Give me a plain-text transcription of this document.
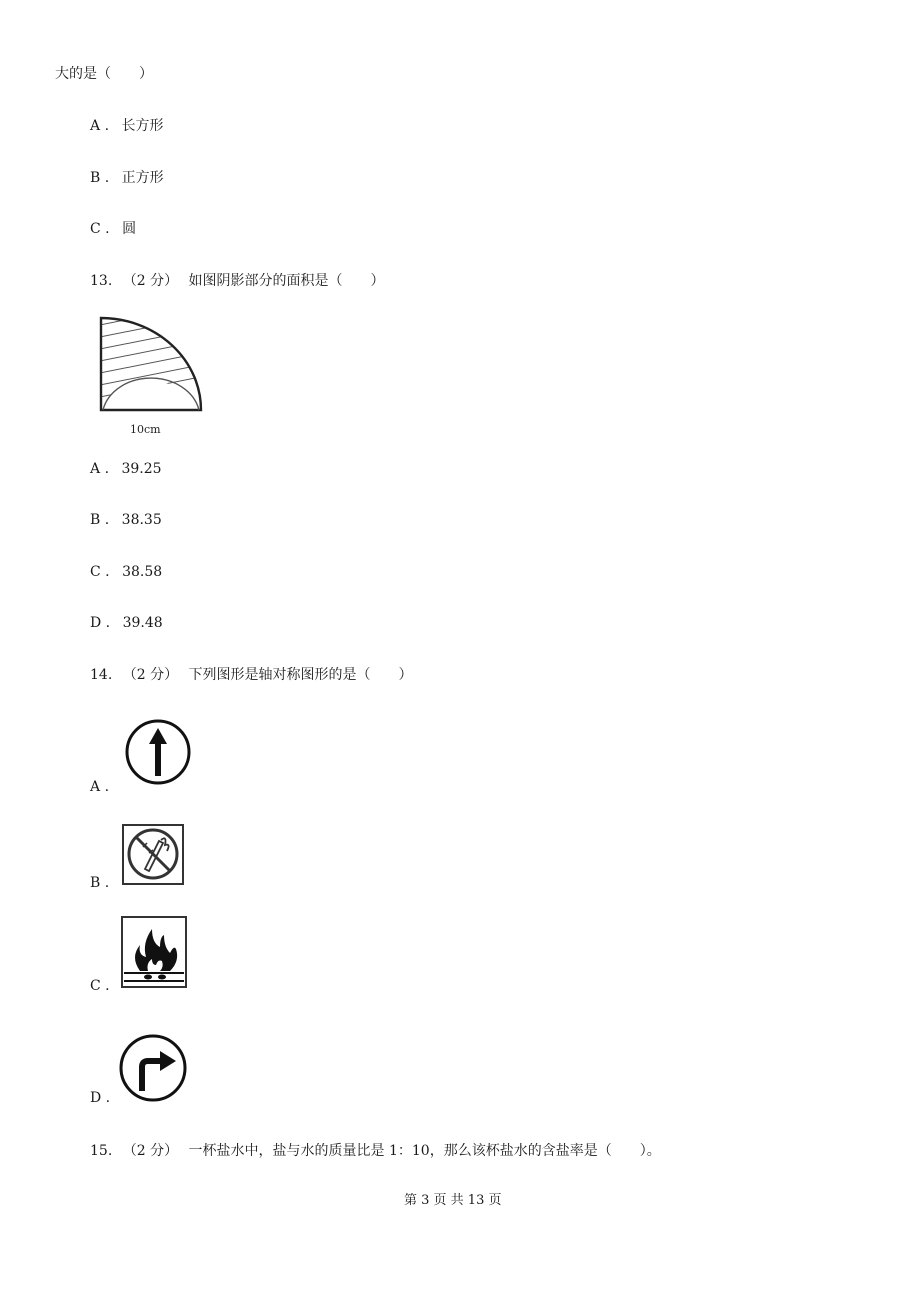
大的是（　　）
A . 长方形
B . 正方形
C . 圆
13. （2 分） 如图阴影部分的面积是（　　）
10cm
A . 39.25
B . 38.35
C . 38.58
D . 39.48
14. （2 分） 下列图形是轴对称图形的是（　　）
A .
B .
C .
D .
15. （2 分） 一杯盐水中，盐与水的质量比是 1：10，那么该杯盐水的含盐率是（　　）。
第 3 页 共 13 页
